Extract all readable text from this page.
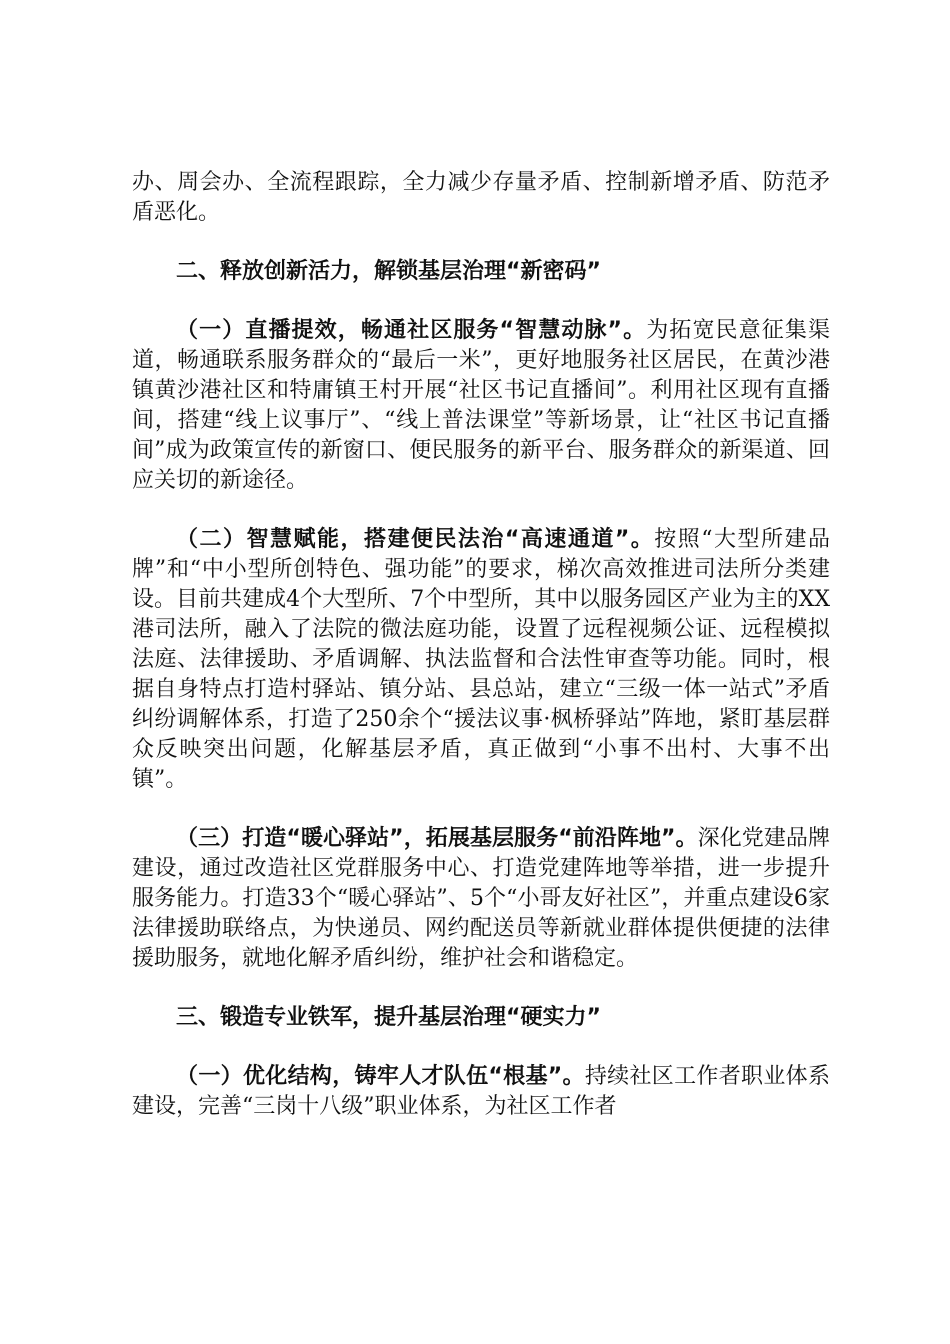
办、周会办、全流程跟踪，全力减少存量矛盾、控制新增矛盾、防范矛盾恶化。

二、释放创新活力，解锁基层治理“新密码”

（一）直播提效，畅通社区服务“智慧动脉”。为拓宽民意征集渠道，畅通联系服务群众的“最后一米”，更好地服务社区居民，在黄沙港镇黄沙港社区和特庸镇王村开展“社区书记直播间”。利用社区现有直播间，搭建“线上议事厅”、“线上普法课堂”等新场景，让“社区书记直播间”成为政策宣传的新窗口、便民服务的新平台、服务群众的新渠道、回应关切的新途径。

（二）智慧赋能，搭建便民法治“高速通道”。按照“大型所建品牌”和“中小型所创特色、强功能”的要求，梯次高效推进司法所分类建设。目前共建成4个大型所、7个中型所，其中以服务园区产业为主的XX港司法所，融入了法院的微法庭功能，设置了远程视频公证、远程模拟法庭、法律援助、矛盾调解、执法监督和合法性审查等功能。同时，根据自身特点打造村驿站、镇分站、县总站，建立“三级一体一站式”矛盾纠纷调解体系，打造了250余个“援法议事·枫桥驿站”阵地，紧盯基层群众反映突出问题，化解基层矛盾，真正做到“小事不出村、大事不出镇”。

（三）打造“暖心驿站”，拓展基层服务“前沿阵地”。深化党建品牌建设，通过改造社区党群服务中心、打造党建阵地等举措，进一步提升服务能力。打造33个“暖心驿站”、5个“小哥友好社区”，并重点建设6家法律援助联络点，为快递员、网约配送员等新就业群体提供便捷的法律援助服务，就地化解矛盾纠纷，维护社会和谐稳定。

三、锻造专业铁军，提升基层治理“硬实力”

（一）优化结构，铸牢人才队伍“根基”。持续社区工作者职业体系建设，完善“三岗十八级”职业体系，为社区工作者
